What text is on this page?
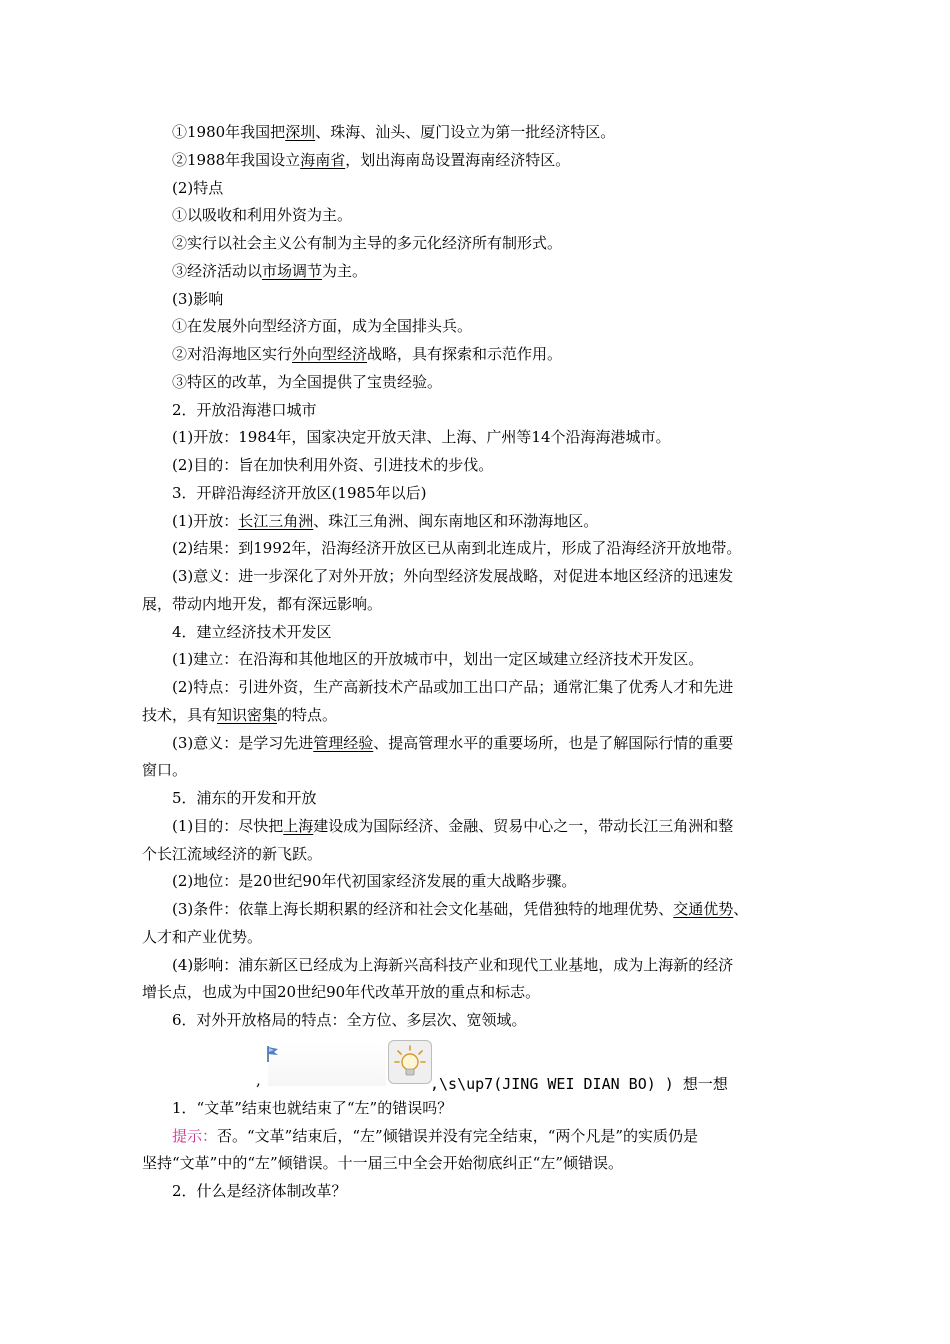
①1980年我国把深圳、珠海、汕头、厦门设立为第一批经济特区。
②1988年我国设立海南省，划出海南岛设置海南经济特区。
(2)特点
①以吸收和利用外资为主。
②实行以社会主义公有制为主导的多元化经济所有制形式。
③经济活动以市场调节为主。
(3)影响
①在发展外向型经济方面，成为全国排头兵。
②对沿海地区实行外向型经济战略，具有探索和示范作用。
③特区的改革，为全国提供了宝贵经验。
2．开放沿海港口城市
(1)开放：1984年，国家决定开放天津、上海、广州等14个沿海海港城市。
(2)目的：旨在加快利用外资、引进技术的步伐。
3．开辟沿海经济开放区(1985年以后)
(1)开放：长江三角洲、珠江三角洲、闽东南地区和环渤海地区。
(2)结果：到1992年，沿海经济开放区已从南到北连成片，形成了沿海经济开放地带。
(3)意义：进一步深化了对外开放；外向型经济发展战略，对促进本地区经济的迅速发
展，带动内地开发，都有深远影响。
4．建立经济技术开发区
(1)建立：在沿海和其他地区的开放城市中，划出一定区域建立经济技术开发区。
(2)特点：引进外资，生产高新技术产品或加工出口产品；通常汇集了优秀人才和先进
技术，具有知识密集的特点。
(3)意义：是学习先进管理经验、提高管理水平的重要场所，也是了解国际行情的重要
窗口。
5．浦东的开发和开放
(1)目的：尽快把上海建设成为国际经济、金融、贸易中心之一，带动长江三角洲和整
个长江流域经济的新飞跃。
(2)地位：是20世纪90年代初国家经济发展的重大战略步骤。
(3)条件：依靠上海长期积累的经济和社会文化基础，凭借独特的地理优势、交通优势、
人才和产业优势。
(4)影响：浦东新区已经成为上海新兴高科技产业和现代工业基地，成为上海新的经济
增长点，也成为中国20世纪90年代改革开放的重点和标志。
6．对外开放格局的特点：全方位、多层次、宽领域。
,	,\s\up7(JING WEI DIAN BO) ) 想一想
1．“文革”结束也就结束了“左”的错误吗？
提示：否。“文革”结束后，“左”倾错误并没有完全结束，“两个凡是”的实质仍是
坚持“文革”中的“左”倾错误。十一届三中全会开始彻底纠正“左”倾错误。
2．什么是经济体制改革？
